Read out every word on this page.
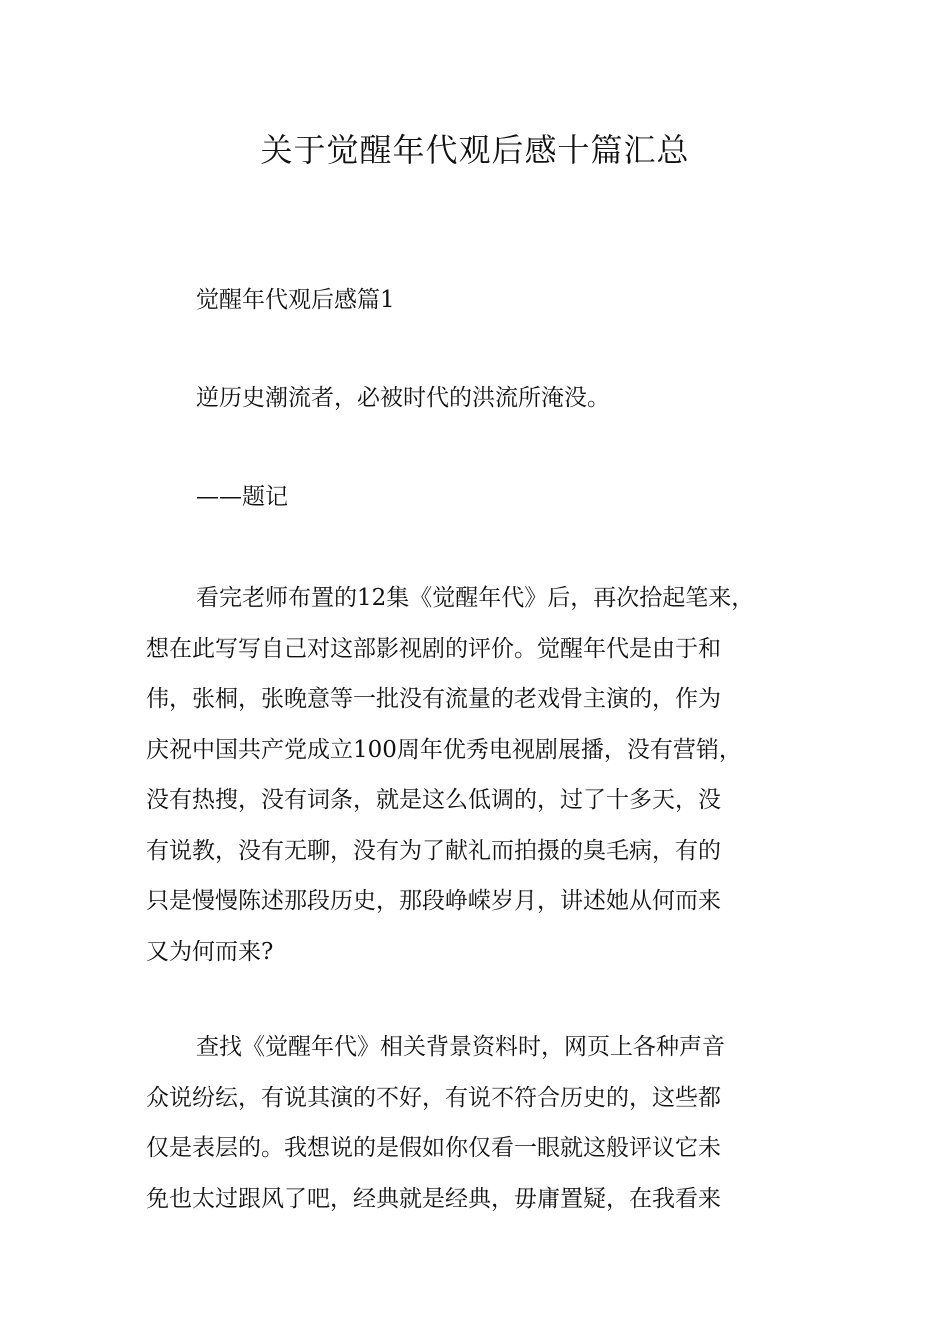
关于觉醒年代观后感十篇汇总

觉醒年代观后感篇1

逆历史潮流者，必被时代的洪流所淹没。

——题记

看完老师布置的12集《觉醒年代》后，再次拾起笔来，
想在此写写自己对这部影视剧的评价。觉醒年代是由于和
伟，张桐，张晚意等一批没有流量的老戏骨主演的，作为
庆祝中国共产党成立100周年优秀电视剧展播，没有营销，
没有热搜，没有词条，就是这么低调的，过了十多天，没
有说教，没有无聊，没有为了献礼而拍摄的臭毛病，有的
只是慢慢陈述那段历史，那段峥嵘岁月，讲述她从何而来
又为何而来?
查找《觉醒年代》相关背景资料时，网页上各种声音
众说纷纭，有说其演的不好，有说不符合历史的，这些都
仅是表层的。我想说的是假如你仅看一眼就这般评议它未
免也太过跟风了吧，经典就是经典，毋庸置疑，在我看来
